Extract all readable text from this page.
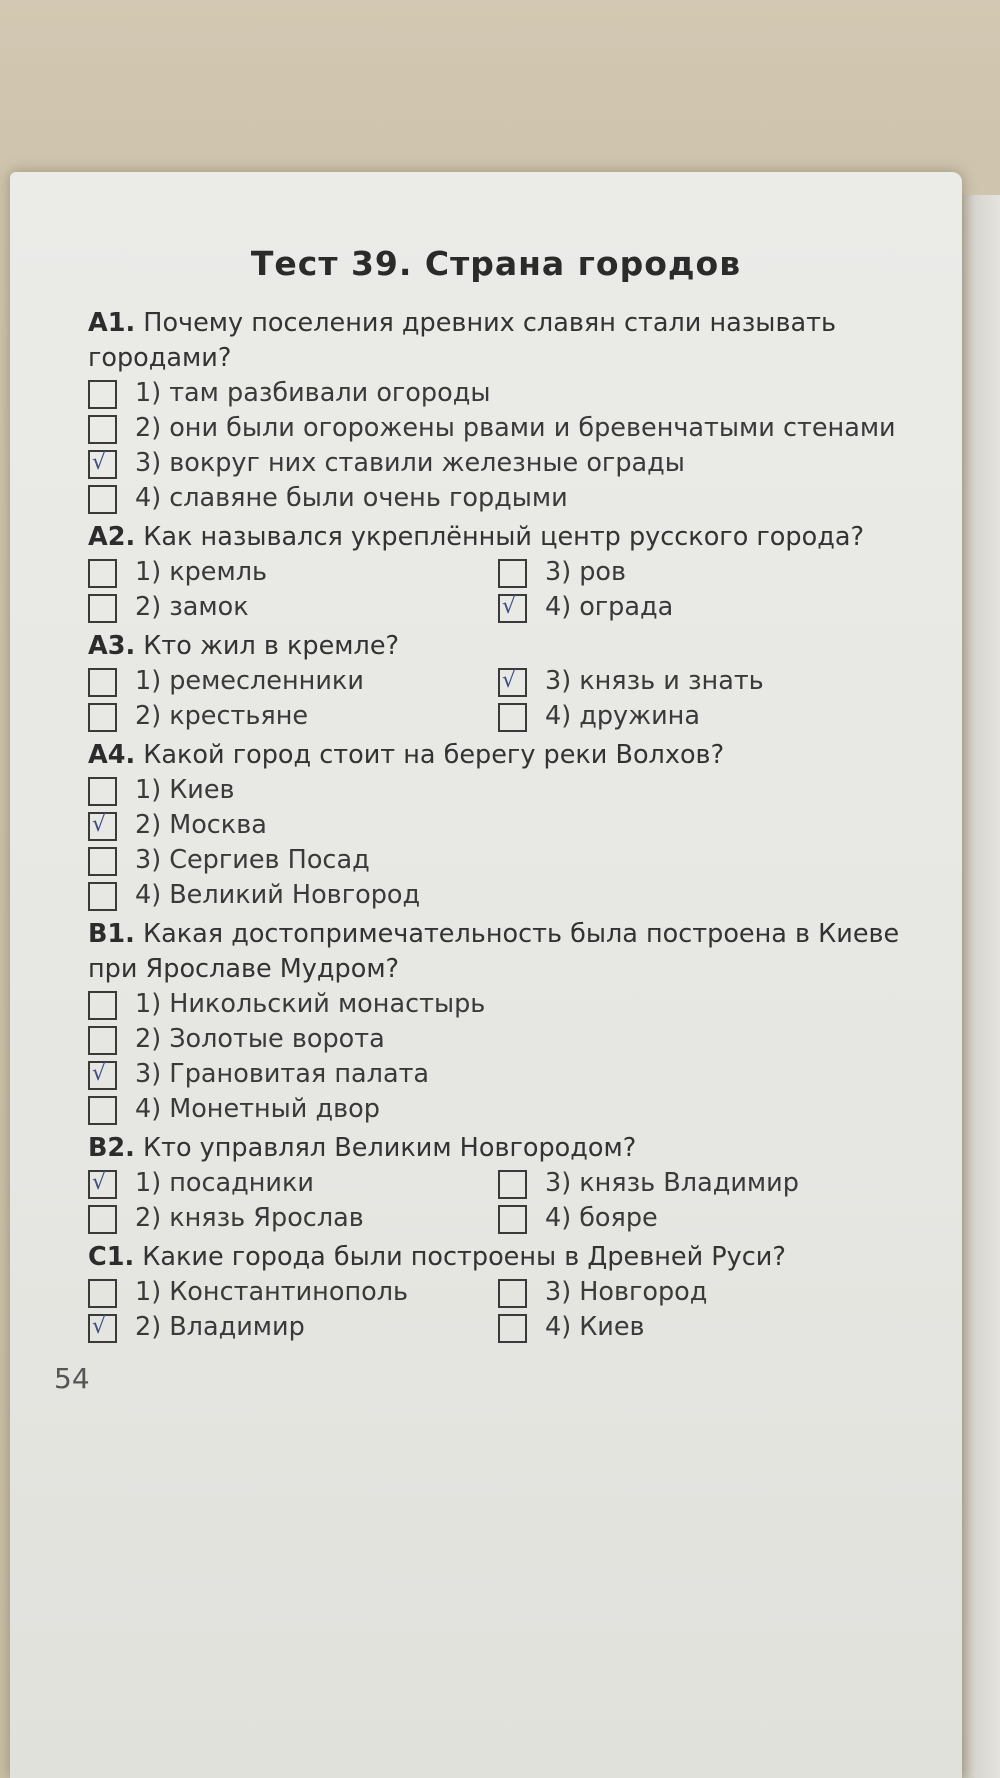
Тест 39. Страна городов
А1. Почему поселения древних славян стали называть городами?
1) там разбивали огороды
2) они были огорожены рвами и бревенчатыми стенами
√ 3) вокруг них ставили железные ограды
4) славяне были очень гордыми
А2. Как назывался укреплённый центр русского города?
1) кремль	3) ров
2) замок	√ 4) ограда
А3. Кто жил в кремле?
1) ремесленники	√ 3) князь и знать
2) крестьяне	4) дружина
А4. Какой город стоит на берегу реки Волхов?
1) Киев
√ 2) Москва
3) Сергиев Посад
4) Великий Новгород
В1. Какая достопримечательность была построена в Киеве при Ярославе Мудром?
1) Никольский монастырь
2) Золотые ворота
√ 3) Грановитая палата
4) Монетный двор
В2. Кто управлял Великим Новгородом?
√ 1) посадники	3) князь Владимир
2) князь Ярослав	4) бояре
С1. Какие города были построены в Древней Руси?
1) Константинополь	3) Новгород
√ 2) Владимир	4) Киев
54
